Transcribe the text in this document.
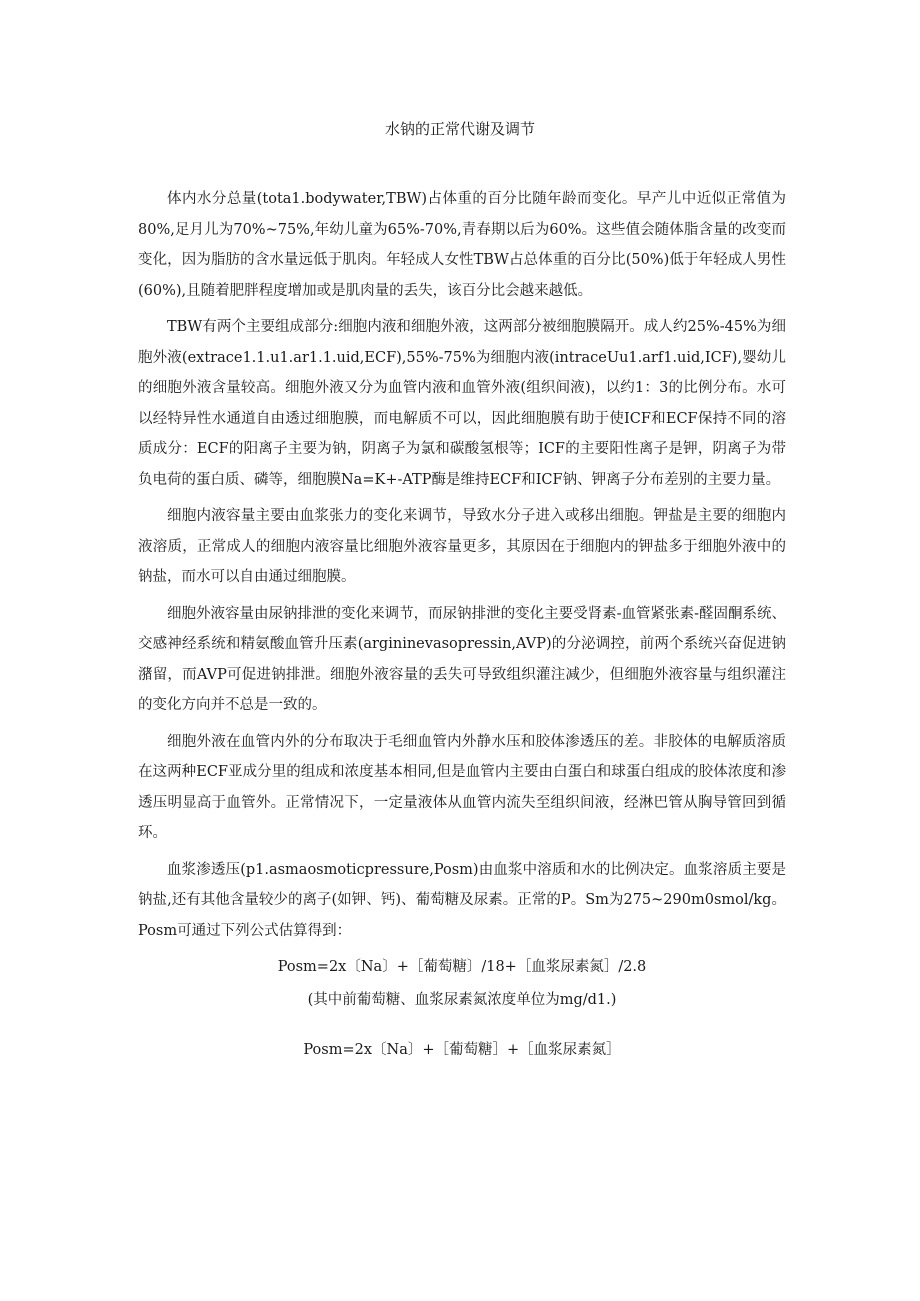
水钠的正常代谢及调节

体内水分总量(tota1.bodywater,TBW)占体重的百分比随年龄而变化。早产儿中近似正常值为80%,足月儿为70%~75%,年幼儿童为65%-70%,青春期以后为60%。这些值会随体脂含量的改变而变化，因为脂肪的含水量远低于肌肉。年轻成人女性TBW占总体重的百分比(50%)低于年轻成人男性(60%),且随着肥胖程度增加或是肌肉量的丢失，该百分比会越来越低。

TBW有两个主要组成部分:细胞内液和细胞外液，这两部分被细胞膜隔开。成人约25%-45%为细胞外液(extrace1.1.u1.ar1.1.uid,ECF),55%-75%为细胞内液(intraceUu1.arf1.uid,ICF),婴幼儿的细胞外液含量较高。细胞外液又分为血管内液和血管外液(组织间液)，以约1：3的比例分布。水可以经特异性水通道自由透过细胞膜，而电解质不可以，因此细胞膜有助于使ICF和ECF保持不同的溶质成分：ECF的阳离子主要为钠，阴离子为氯和碳酸氢根等；ICF的主要阳性离子是钾，阴离子为带负电荷的蛋白质、磷等，细胞膜Na=K+-ATP酶是维持ECF和ICF钠、钾离子分布差别的主要力量。

细胞内液容量主要由血浆张力的变化来调节，导致水分子进入或移出细胞。钾盐是主要的细胞内液溶质，正常成人的细胞内液容量比细胞外液容量更多，其原因在于细胞内的钾盐多于细胞外液中的钠盐，而水可以自由通过细胞膜。

细胞外液容量由尿钠排泄的变化来调节，而尿钠排泄的变化主要受肾素-血管紧张素-醛固酮系统、交感神经系统和精氨酸血管升压素(argininevasopressin,AVP)的分泌调控，前两个系统兴奋促进钠潴留，而AVP可促进钠排泄。细胞外液容量的丢失可导致组织灌注减少，但细胞外液容量与组织灌注的变化方向并不总是一致的。

细胞外液在血管内外的分布取决于毛细血管内外静水压和胶体渗透压的差。非胶体的电解质溶质在这两种ECF亚成分里的组成和浓度基本相同,但是血管内主要由白蛋白和球蛋白组成的胶体浓度和渗透压明显高于血管外。正常情况下，一定量液体从血管内流失至组织间液，经淋巴管从胸导管回到循环。

血浆渗透压(p1.asmaosmoticpressure,Posm)由血浆中溶质和水的比例决定。血浆溶质主要是钠盐,还有其他含量较少的离子(如钾、钙)、葡萄糖及尿素。正常的P。Sm为275~290m0smol/kg。Posm可通过下列公式估算得到：

Posm=2x〔Na〕+［葡萄糖〕/18+［血浆尿素氮］/2.8

(其中前葡萄糖、血浆尿素氮浓度单位为mg/d1.)

Posm=2x〔Na〕+［葡萄糖］+［血浆尿素氮］
